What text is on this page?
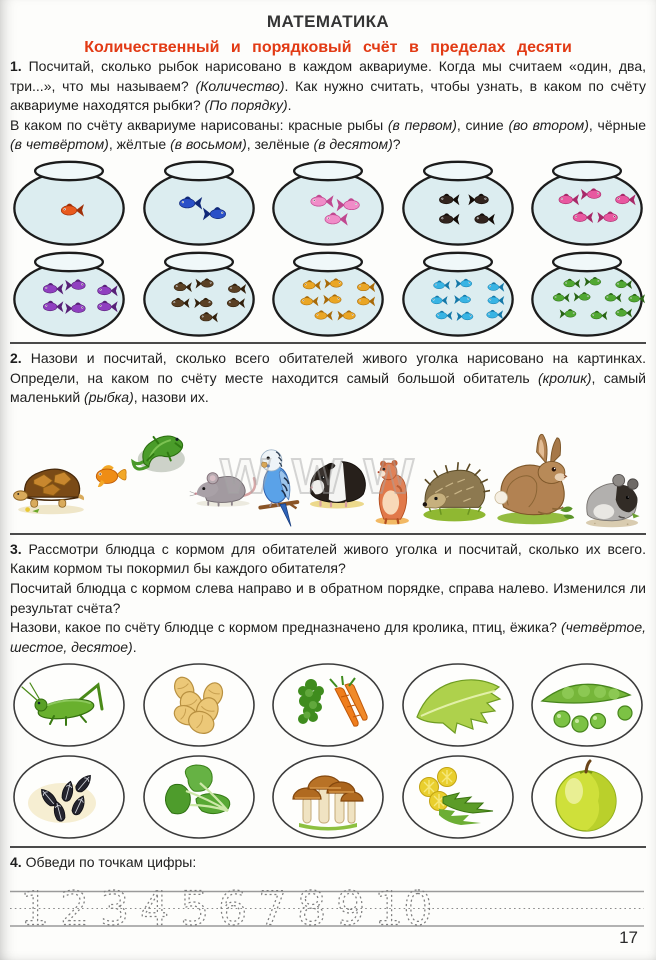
МАТЕМАТИКА
Количественный и порядковый счёт в пределах десяти

1. Посчитай, сколько рыбок нарисовано в каждом аквариуме. Когда мы считаем «один, два, три...», что мы называем? (Количество). Как нужно считать, чтобы узнать, в каком по счёту аквариуме находятся рыбки? (По порядку).

В каком по счёту аквариуме нарисованы: красные рыбы (в первом), синие (во втором), чёрные (в четвёртом), жёлтые (в восьмом), зелёные (в десятом)?

2. Назови и посчитай, сколько всего обитателей живого уголка нарисовано на картинках. Определи, на каком по счёту месте находится самый большой обитатель (кролик), самый маленький (рыбка), назови их.

3. Рассмотри блюдца с кормом для обитателей живого уголка и посчитай, сколько их всего. Каким кормом ты покормил бы каждого обитателя?

Посчитай блюдца с кормом слева направо и в обратном порядке, справа налево. Изменился ли результат счёта?

Назови, какое по счёту блюдце с кормом предназначено для кролика, птиц, ёжика? (четвёртое, шестое, десятое).

4. Обведи по точкам цифры:

1 2 3 4 5 6 7 8 9 10
17
